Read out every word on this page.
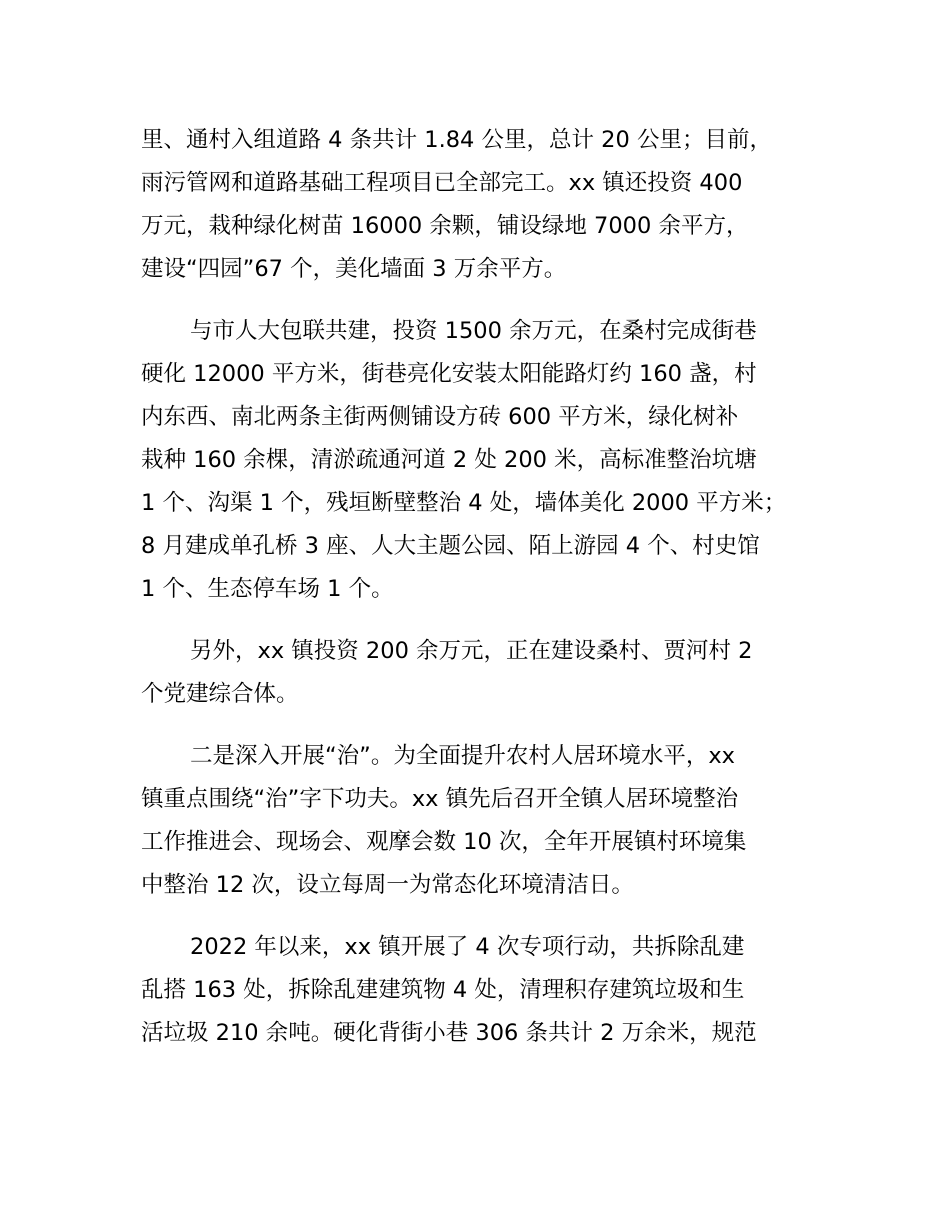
里、通村入组道路 4 条共计 1.84 公里，总计 20 公里；目前，
雨污管网和道路基础工程项目已全部完工。xx 镇还投资 400
万元，栽种绿化树苗 16000 余颗，铺设绿地 7000 余平方，
建设“四园”67 个，美化墙面 3 万余平方。
与市人大包联共建，投资 1500 余万元，在桑村完成街巷
硬化 12000 平方米，街巷亮化安装太阳能路灯约 160 盏，村
内东西、南北两条主街两侧铺设方砖 600 平方米，绿化树补
栽种 160 余棵，清淤疏通河道 2 处 200 米，高标准整治坑塘
1 个、沟渠 1 个，残垣断壁整治 4 处，墙体美化 2000 平方米；
8 月建成单孔桥 3 座、人大主题公园、陌上游园 4 个、村史馆
1 个、生态停车场 1 个。
另外，xx 镇投资 200 余万元，正在建设桑村、贾河村 2
个党建综合体。
二是深入开展“治”。为全面提升农村人居环境水平，xx
镇重点围绕“治”字下功夫。xx 镇先后召开全镇人居环境整治
工作推进会、现场会、观摩会数 10 次，全年开展镇村环境集
中整治 12 次，设立每周一为常态化环境清洁日。
2022 年以来，xx 镇开展了 4 次专项行动，共拆除乱建
乱搭 163 处，拆除乱建建筑物 4 处，清理积存建筑垃圾和生
活垃圾 210 余吨。硬化背街小巷 306 条共计 2 万余米，规范
